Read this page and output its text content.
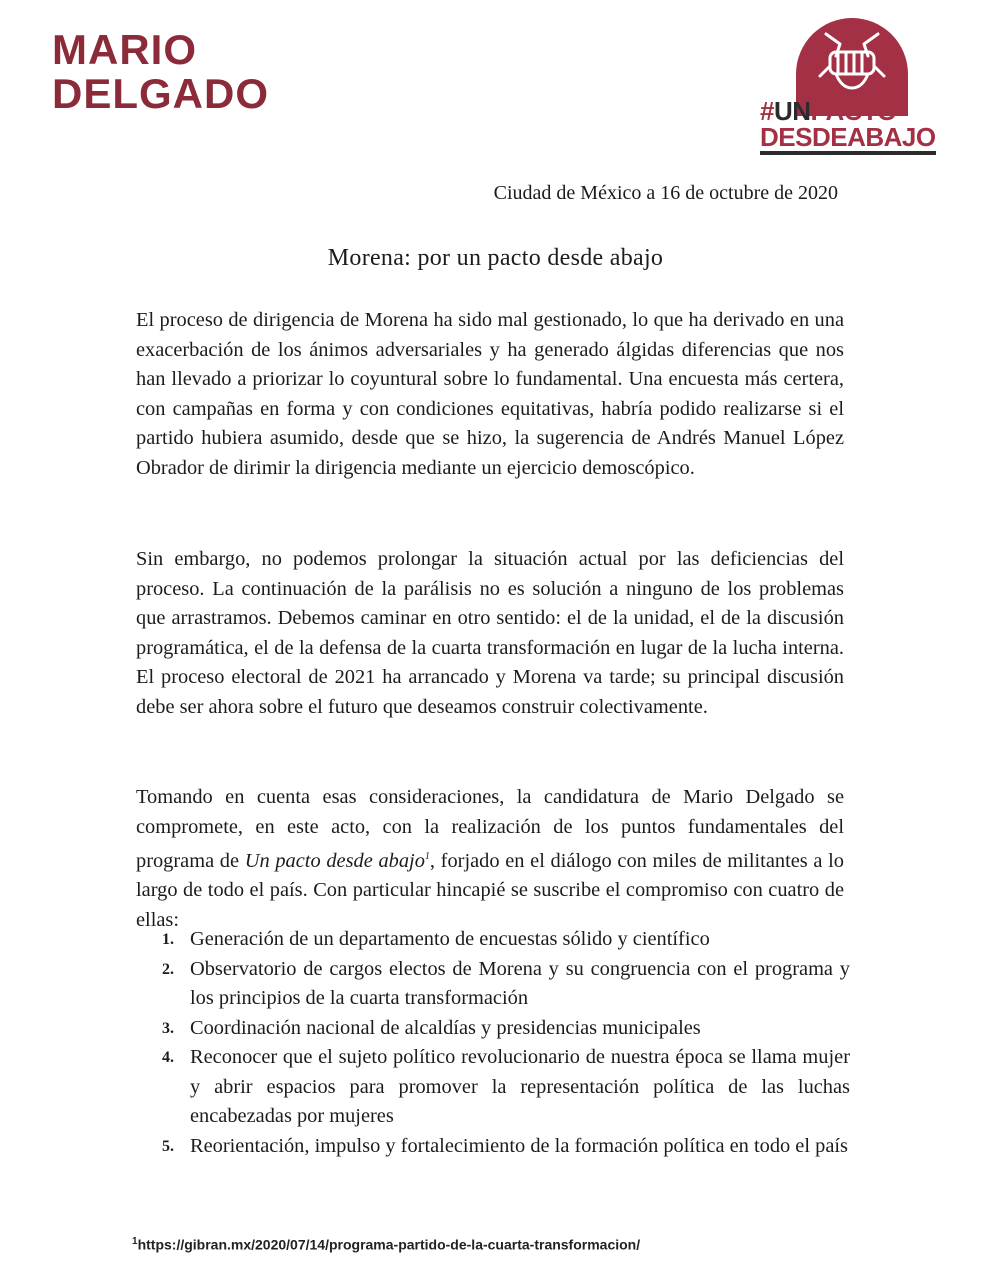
MARIO
DELGADO	#UNPACTO
DESDEABAJO
Ciudad de México a 16 de octubre de 2020
Morena: por un pacto desde abajo

El proceso de dirigencia de Morena ha sido mal gestionado, lo que ha derivado en una exacerbación de los ánimos adversariales y ha generado álgidas diferencias que nos han llevado a priorizar lo coyuntural sobre lo fundamental. Una encuesta más certera, con campañas en forma y con condiciones equitativas, habría podido realizarse si el partido hubiera asumido, desde que se hizo, la sugerencia de Andrés Manuel López Obrador de dirimir la dirigencia mediante un ejercicio demoscópico.

Sin embargo, no podemos prolongar la situación actual por las deficiencias del proceso. La continuación de la parálisis no es solución a ninguno de los problemas que arrastramos. Debemos caminar en otro sentido: el de la unidad, el de la discusión programática, el de la defensa de la cuarta transformación en lugar de la lucha interna. El proceso electoral de 2021 ha arrancado y Morena va tarde; su principal discusión debe ser ahora sobre el futuro que deseamos construir colectivamente.

Tomando en cuenta esas consideraciones, la candidatura de Mario Delgado se compromete, en este acto, con la realización de los puntos fundamentales del programa de Un pacto desde abajo$^1$, forjado en el diálogo con miles de militantes a lo largo de todo el país. Con particular hincapié se suscribe el compromiso con cuatro de ellas:

1. Generación de un departamento de encuestas sólido y científico
2. Observatorio de cargos electos de Morena y su congruencia con el programa y los principios de la cuarta transformación
3. Coordinación nacional de alcaldías y presidencias municipales
4. Reconocer que el sujeto político revolucionario de nuestra época se llama mujer y abrir espacios para promover la representación política de las luchas encabezadas por mujeres
5. Reorientación, impulso y fortalecimiento de la formación política en todo el país
$^1$https://gibran.mx/2020/07/14/programa-partido-de-la-cuarta-transformacion/
